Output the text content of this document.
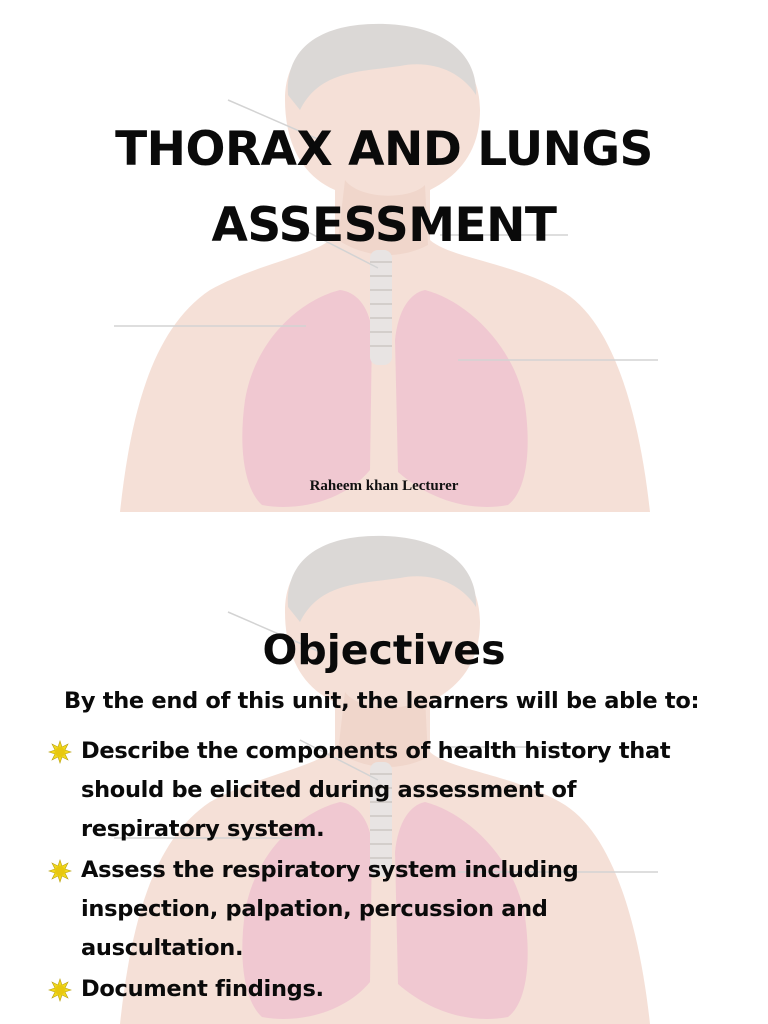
THORAX AND LUNGS
ASSESSMENT
Raheem khan Lecturer
Objectives
By the end of this unit, the learners will be able to:
Describe the components of health history that
should be elicited during assessment of
respiratory system.
Assess the respiratory system including
inspection, palpation, percussion and
auscultation.
Document findings.
